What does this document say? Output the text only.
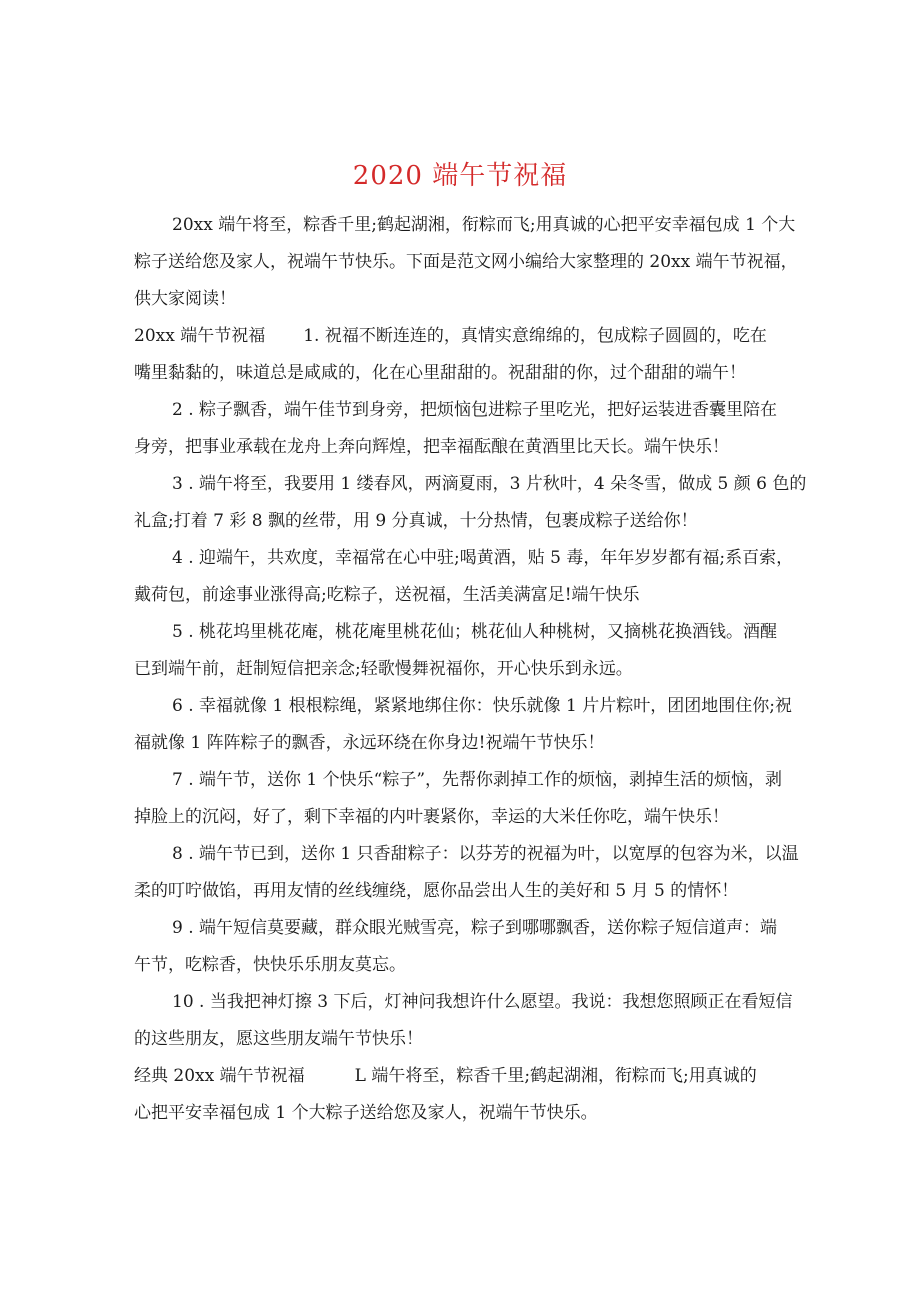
2020 端午节祝福
20xx 端午将至，粽香千里;鹤起湖湘，衔粽而飞;用真诚的心把平安幸福包成 1 个大
粽子送给您及家人，祝端午节快乐。下面是范文网小编给大家整理的 20xx 端午节祝福，
供大家阅读！
20xx 端午节祝福 1. 祝福不断连连的，真情实意绵绵的，包成粽子圆圆的，吃在
嘴里黏黏的，味道总是咸咸的，化在心里甜甜的。祝甜甜的你，过个甜甜的端午！
2 . 粽子飘香，端午佳节到身旁，把烦恼包进粽子里吃光，把好运装进香囊里陪在
身旁，把事业承载在龙舟上奔向辉煌，把幸福酝酿在黄酒里比天长。端午快乐！
3 . 端午将至，我要用 1 缕春风，两滴夏雨，3 片秋叶，4 朵冬雪，做成 5 颜 6 色的
礼盒;打着 7 彩 8 飘的丝带，用 9 分真诚，十分热情，包裹成粽子送给你！
4 . 迎端午，共欢度，幸福常在心中驻;喝黄酒，贴 5 毒，年年岁岁都有福;系百索，
戴荷包，前途事业涨得高;吃粽子，送祝福，生活美满富足!端午快乐
5 . 桃花坞里桃花庵，桃花庵里桃花仙；桃花仙人种桃树，又摘桃花换酒钱。酒醒
已到端午前，赶制短信把亲念;轻歌慢舞祝福你，开心快乐到永远。
6 . 幸福就像 1 根根粽绳，紧紧地绑住你：快乐就像 1 片片粽叶，团团地围住你;祝
福就像 1 阵阵粽子的飘香，永远环绕在你身边!祝端午节快乐！
7 . 端午节，送你 1 个快乐“粽子”，先帮你剥掉工作的烦恼，剥掉生活的烦恼，剥
掉脸上的沉闷，好了，剩下幸福的内叶裹紧你，幸运的大米任你吃，端午快乐！
8 . 端午节已到，送你 1 只香甜粽子：以芬芳的祝福为叶，以宽厚的包容为米，以温
柔的叮咛做馅，再用友情的丝线缠绕，愿你品尝出人生的美好和 5 月 5 的情怀！
9 . 端午短信莫要藏，群众眼光贼雪亮，粽子到哪哪飘香，送你粽子短信道声：端
午节，吃粽香，快快乐乐朋友莫忘。
10 . 当我把神灯擦 3 下后，灯神问我想许什么愿望。我说：我想您照顾正在看短信
的这些朋友，愿这些朋友端午节快乐！
经典 20xx 端午节祝福	L 端午将至，粽香千里;鹤起湖湘，衔粽而飞;用真诚的
心把平安幸福包成 1 个大粽子送给您及家人，祝端午节快乐。
